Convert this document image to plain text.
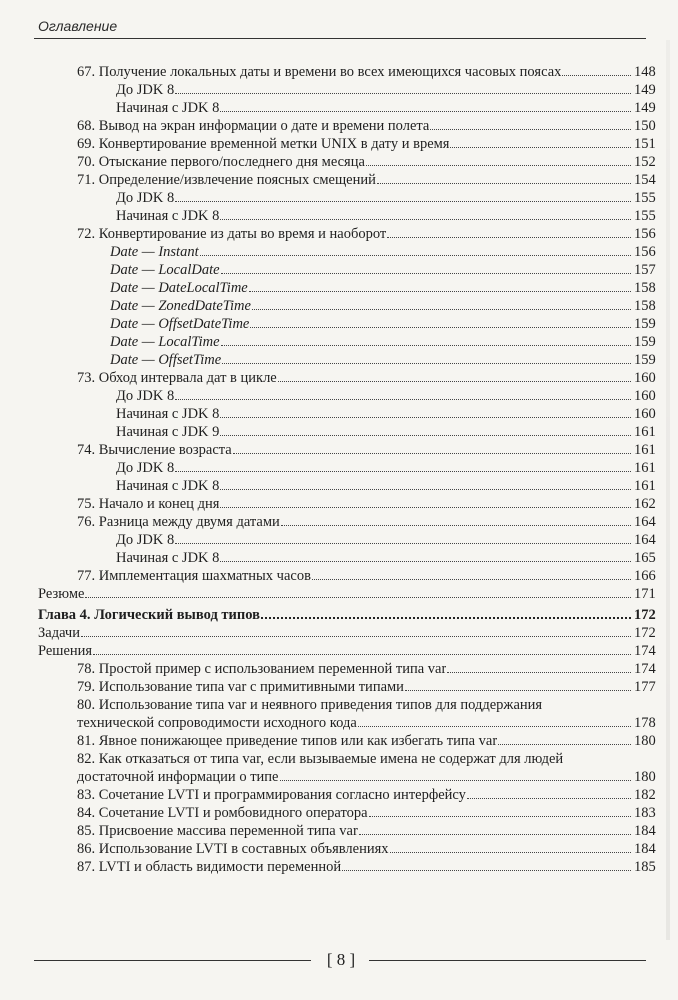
Оглавление
67. Получение локальных даты и времени во всех имеющихся часовых поясах	148
До JDK 8	149
Начиная с JDK 8	149
68. Вывод на экран информации о дате и времени полета	150
69. Конвертирование временной метки UNIX в дату и время	151
70. Отыскание первого/последнего дня месяца	152
71. Определение/извлечение поясных смещений	154
До JDK 8	155
Начиная с JDK 8	155
72. Конвертирование из даты во время и наоборот	156
Date — Instant	156
Date — LocalDate	157
Date — DateLocalTime	158
Date — ZonedDateTime	158
Date — OffsetDateTime	159
Date — LocalTime	159
Date — OffsetTime	159
73. Обход интервала дат в цикле	160
До JDK 8	160
Начиная с JDK 8	160
Начиная с JDK 9	161
74. Вычисление возраста	161
До JDK 8	161
Начиная с JDK 8	161
75. Начало и конец дня	162
76. Разница между двумя датами	164
До JDK 8	164
Начиная с JDK 8	165
77. Имплементация шахматных часов	166
Резюме	171
Глава 4. Логический вывод типов	172
Задачи	172
Решения	174
78. Простой пример с использованием переменной типа var	174
79. Использование типа var с примитивными типами	177
80. Использование типа var и неявного приведения типов для поддержания
технической сопроводимости исходного кода	178
81. Явное понижающее приведение типов или как избегать типа var	180
82. Как отказаться от типа var, если вызываемые имена не содержат для людей
достаточной информации о типе	180
83. Сочетание LVTI и программирования согласно интерфейсу	182
84. Сочетание LVTI и ромбовидного оператора	183
85. Присвоение массива переменной типа var	184
86. Использование LVTI в составных объявлениях	184
87. LVTI и область видимости переменной	185
[ 8 ]
